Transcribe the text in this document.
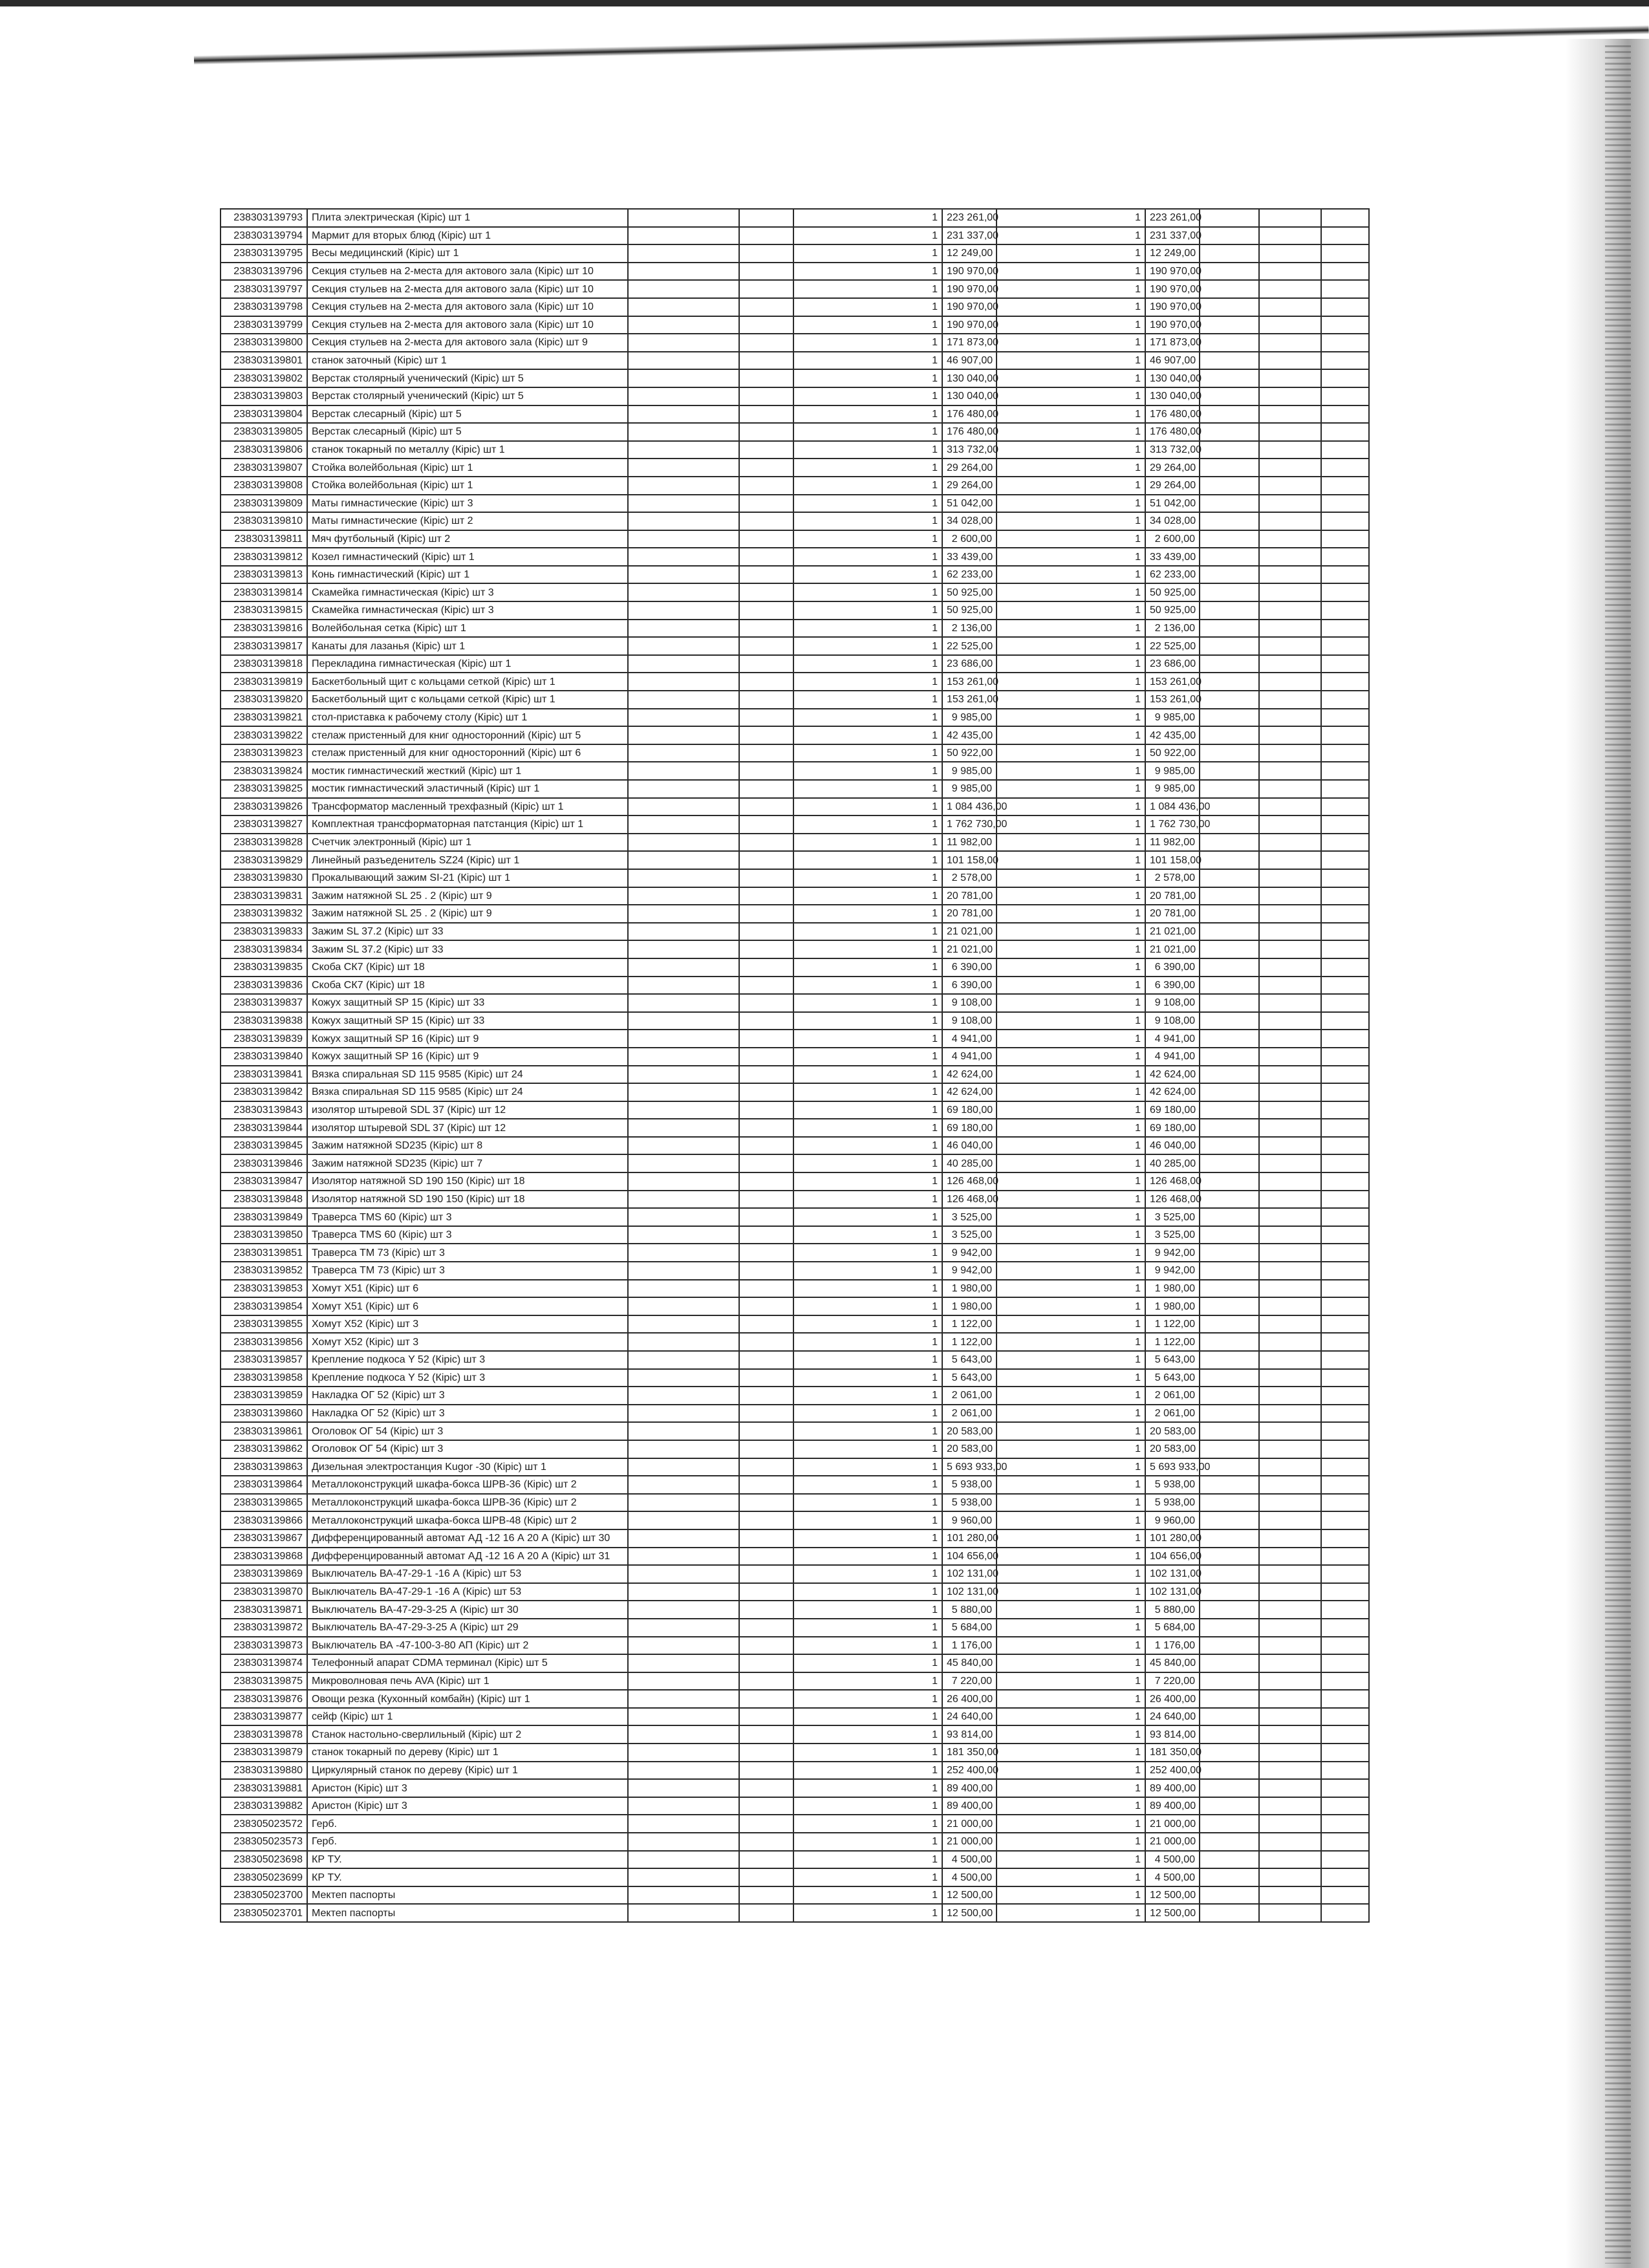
238303139793	Плита электрическая (Кіріс) шт 1			1	223 261,00	1	223 261,00			
238303139794	Мармит для вторых блюд (Кіріс) шт 1			1	231 337,00	1	231 337,00			
238303139795	Весы медицинский (Кіріс) шт 1			1	12 249,00	1	12 249,00			
238303139796	Секция стульев на 2-места для актового зала (Кіріс) шт 10			1	190 970,00	1	190 970,00			
238303139797	Секция стульев на 2-места для актового зала (Кіріс) шт 10			1	190 970,00	1	190 970,00			
238303139798	Секция стульев на 2-места для актового зала (Кіріс) шт 10			1	190 970,00	1	190 970,00			
238303139799	Секция стульев на 2-места для актового зала (Кіріс) шт 10			1	190 970,00	1	190 970,00			
238303139800	Секция стульев на 2-места для актового зала (Кіріс) шт 9			1	171 873,00	1	171 873,00			
238303139801	станок заточный (Кіріс) шт 1			1	46 907,00	1	46 907,00			
238303139802	Верстак столярный ученический (Кіріс) шт 5			1	130 040,00	1	130 040,00			
238303139803	Верстак столярный ученический (Кіріс) шт 5			1	130 040,00	1	130 040,00			
238303139804	Верстак слесарный (Кіріс) шт 5			1	176 480,00	1	176 480,00			
238303139805	Верстак слесарный (Кіріс) шт 5			1	176 480,00	1	176 480,00			
238303139806	станок токарный по металлу (Кіріс) шт 1			1	313 732,00	1	313 732,00			
238303139807	Стойка волейбольная (Кіріс) шт 1			1	29 264,00	1	29 264,00			
238303139808	Стойка волейбольная (Кіріс) шт 1			1	29 264,00	1	29 264,00			
238303139809	Маты гимнастические (Кіріс) шт 3			1	51 042,00	1	51 042,00			
238303139810	Маты гимнастические (Кіріс) шт 2			1	34 028,00	1	34 028,00			
238303139811	Мяч футбольный (Кіріс) шт 2			1	2 600,00	1	2 600,00			
238303139812	Козел гимнастический (Кіріс) шт 1			1	33 439,00	1	33 439,00			
238303139813	Конь гимнастический (Кіріс) шт 1			1	62 233,00	1	62 233,00			
238303139814	Скамейка гимнастическая (Кіріс) шт 3			1	50 925,00	1	50 925,00			
238303139815	Скамейка гимнастическая (Кіріс) шт 3			1	50 925,00	1	50 925,00			
238303139816	Волейбольная сетка (Кіріс) шт 1			1	2 136,00	1	2 136,00			
238303139817	Канаты для лазанья (Кіріс) шт 1			1	22 525,00	1	22 525,00			
238303139818	Перекладина гимнастическая (Кіріс) шт 1			1	23 686,00	1	23 686,00			
238303139819	Баскетбольный щит с кольцами сеткой (Кіріс) шт 1			1	153 261,00	1	153 261,00			
238303139820	Баскетбольный щит с кольцами сеткой (Кіріс) шт 1			1	153 261,00	1	153 261,00			
238303139821	стол-приставка к рабочему столу (Кіріс) шт 1			1	9 985,00	1	9 985,00			
238303139822	стелаж пристенный для книг односторонний (Кіріс) шт 5			1	42 435,00	1	42 435,00			
238303139823	стелаж пристенный для книг односторонний (Кіріс) шт 6			1	50 922,00	1	50 922,00			
238303139824	мостик гимнастический жесткий (Кіріс) шт 1			1	9 985,00	1	9 985,00			
238303139825	мостик гимнастический эластичный (Кіріс) шт 1			1	9 985,00	1	9 985,00			
238303139826	Трансформатор масленный трехфазный (Кіріс) шт 1			1	1 084 436,00	1	1 084 436,00			
238303139827	Комплектная трансформаторная патстанция (Кіріс) шт 1			1	1 762 730,00	1	1 762 730,00			
238303139828	Счетчик электронный (Кіріс) шт 1			1	11 982,00	1	11 982,00			
238303139829	Линейный разъеденитель SZ24 (Кіріс) шт 1			1	101 158,00	1	101 158,00			
238303139830	Прокалывающий зажим SI-21 (Кіріс) шт 1			1	2 578,00	1	2 578,00			
238303139831	Зажим натяжной SL 25 . 2 (Кіріс) шт 9			1	20 781,00	1	20 781,00			
238303139832	Зажим натяжной SL 25 . 2 (Кіріс) шт 9			1	20 781,00	1	20 781,00			
238303139833	Зажим SL 37.2 (Кіріс) шт 33			1	21 021,00	1	21 021,00			
238303139834	Зажим SL 37.2 (Кіріс) шт 33			1	21 021,00	1	21 021,00			
238303139835	Скоба СК7 (Кіріс) шт 18			1	6 390,00	1	6 390,00			
238303139836	Скоба СК7 (Кіріс) шт 18			1	6 390,00	1	6 390,00			
238303139837	Кожух защитный SP 15 (Кіріс) шт 33			1	9 108,00	1	9 108,00			
238303139838	Кожух защитный SP 15 (Кіріс) шт 33			1	9 108,00	1	9 108,00			
238303139839	Кожух защитный SP 16 (Кіріс) шт 9			1	4 941,00	1	4 941,00			
238303139840	Кожух защитный SP 16 (Кіріс) шт 9			1	4 941,00	1	4 941,00			
238303139841	Вязка спиральная SD 115 9585 (Кіріс) шт 24			1	42 624,00	1	42 624,00			
238303139842	Вязка спиральная SD 115 9585 (Кіріс) шт 24			1	42 624,00	1	42 624,00			
238303139843	изолятор штыревой SDL 37 (Кіріс) шт 12			1	69 180,00	1	69 180,00			
238303139844	изолятор штыревой SDL 37 (Кіріс) шт 12			1	69 180,00	1	69 180,00			
238303139845	Зажим натяжной SD235 (Кіріс) шт 8			1	46 040,00	1	46 040,00			
238303139846	Зажим натяжной SD235 (Кіріс) шт 7			1	40 285,00	1	40 285,00			
238303139847	Изолятор натяжной SD 190 150 (Кіріс) шт 18			1	126 468,00	1	126 468,00			
238303139848	Изолятор натяжной SD 190 150 (Кіріс) шт 18			1	126 468,00	1	126 468,00			
238303139849	Траверса TMS 60 (Кіріс) шт 3			1	3 525,00	1	3 525,00			
238303139850	Траверса TMS 60 (Кіріс) шт 3			1	3 525,00	1	3 525,00			
238303139851	Траверса ТМ 73 (Кіріс) шт 3			1	9 942,00	1	9 942,00			
238303139852	Траверса ТМ 73 (Кіріс) шт 3			1	9 942,00	1	9 942,00			
238303139853	Хомут Х51 (Кіріс) шт 6			1	1 980,00	1	1 980,00			
238303139854	Хомут Х51 (Кіріс) шт 6			1	1 980,00	1	1 980,00			
238303139855	Хомут Х52 (Кіріс) шт 3			1	1 122,00	1	1 122,00			
238303139856	Хомут Х52 (Кіріс) шт 3			1	1 122,00	1	1 122,00			
238303139857	Крепление подкоса Y 52 (Кіріс) шт 3			1	5 643,00	1	5 643,00			
238303139858	Крепление подкоса Y 52 (Кіріс) шт 3			1	5 643,00	1	5 643,00			
238303139859	Накладка ОГ 52 (Кіріс) шт 3			1	2 061,00	1	2 061,00			
238303139860	Накладка ОГ 52 (Кіріс) шт 3			1	2 061,00	1	2 061,00			
238303139861	Оголовок ОГ 54 (Кіріс) шт 3			1	20 583,00	1	20 583,00			
238303139862	Оголовок ОГ 54 (Кіріс) шт 3			1	20 583,00	1	20 583,00			
238303139863	Дизельная электростанция Kugor -30 (Кіріс) шт 1			1	5 693 933,00	1	5 693 933,00			
238303139864	Металлоконструкций шкафа-бокса ШРВ-36 (Кіріс) шт 2			1	5 938,00	1	5 938,00			
238303139865	Металлоконструкций шкафа-бокса ШРВ-36 (Кіріс) шт 2			1	5 938,00	1	5 938,00			
238303139866	Металлоконструкций шкафа-бокса ШРВ-48 (Кіріс) шт 2			1	9 960,00	1	9 960,00			
238303139867	Дифференцированный автомат АД -12 16 А 20 А (Кіріс) шт 30			1	101 280,00	1	101 280,00			
238303139868	Дифференцированный автомат АД -12 16 А 20 А (Кіріс) шт 31			1	104 656,00	1	104 656,00			
238303139869	Выключатель ВА-47-29-1 -16 А (Кіріс) шт 53			1	102 131,00	1	102 131,00			
238303139870	Выключатель ВА-47-29-1 -16 А (Кіріс) шт 53			1	102 131,00	1	102 131,00			
238303139871	Выключатель ВА-47-29-3-25 А (Кіріс) шт 30			1	5 880,00	1	5 880,00			
238303139872	Выключатель ВА-47-29-3-25 А (Кіріс) шт 29			1	5 684,00	1	5 684,00			
238303139873	Выключатель ВА -47-100-3-80 АП (Кіріс) шт 2			1	1 176,00	1	1 176,00			
238303139874	Телефонный апарат CDMA терминал (Кіріс) шт 5			1	45 840,00	1	45 840,00			
238303139875	Микроволновая печь AVA (Кіріс) шт 1			1	7 220,00	1	7 220,00			
238303139876	Овощи резка (Кухонный комбайн) (Кіріс) шт 1			1	26 400,00	1	26 400,00			
238303139877	сейф (Кіріс) шт 1			1	24 640,00	1	24 640,00			
238303139878	Станок настольно-сверлильный (Кіріс) шт 2			1	93 814,00	1	93 814,00			
238303139879	станок токарный по дереву (Кіріс) шт 1			1	181 350,00	1	181 350,00			
238303139880	Циркулярный станок по дереву (Кіріс) шт 1			1	252 400,00	1	252 400,00			
238303139881	Аристон (Кіріс) шт 3			1	89 400,00	1	89 400,00			
238303139882	Аристон (Кіріс) шт 3			1	89 400,00	1	89 400,00			
238305023572	Герб.			1	21 000,00	1	21 000,00			
238305023573	Герб.			1	21 000,00	1	21 000,00			
238305023698	КР ТУ.			1	4 500,00	1	4 500,00			
238305023699	КР ТУ.			1	4 500,00	1	4 500,00			
238305023700	Мектеп паспорты			1	12 500,00	1	12 500,00			
238305023701	Мектеп паспорты			1	12 500,00	1	12 500,00			
